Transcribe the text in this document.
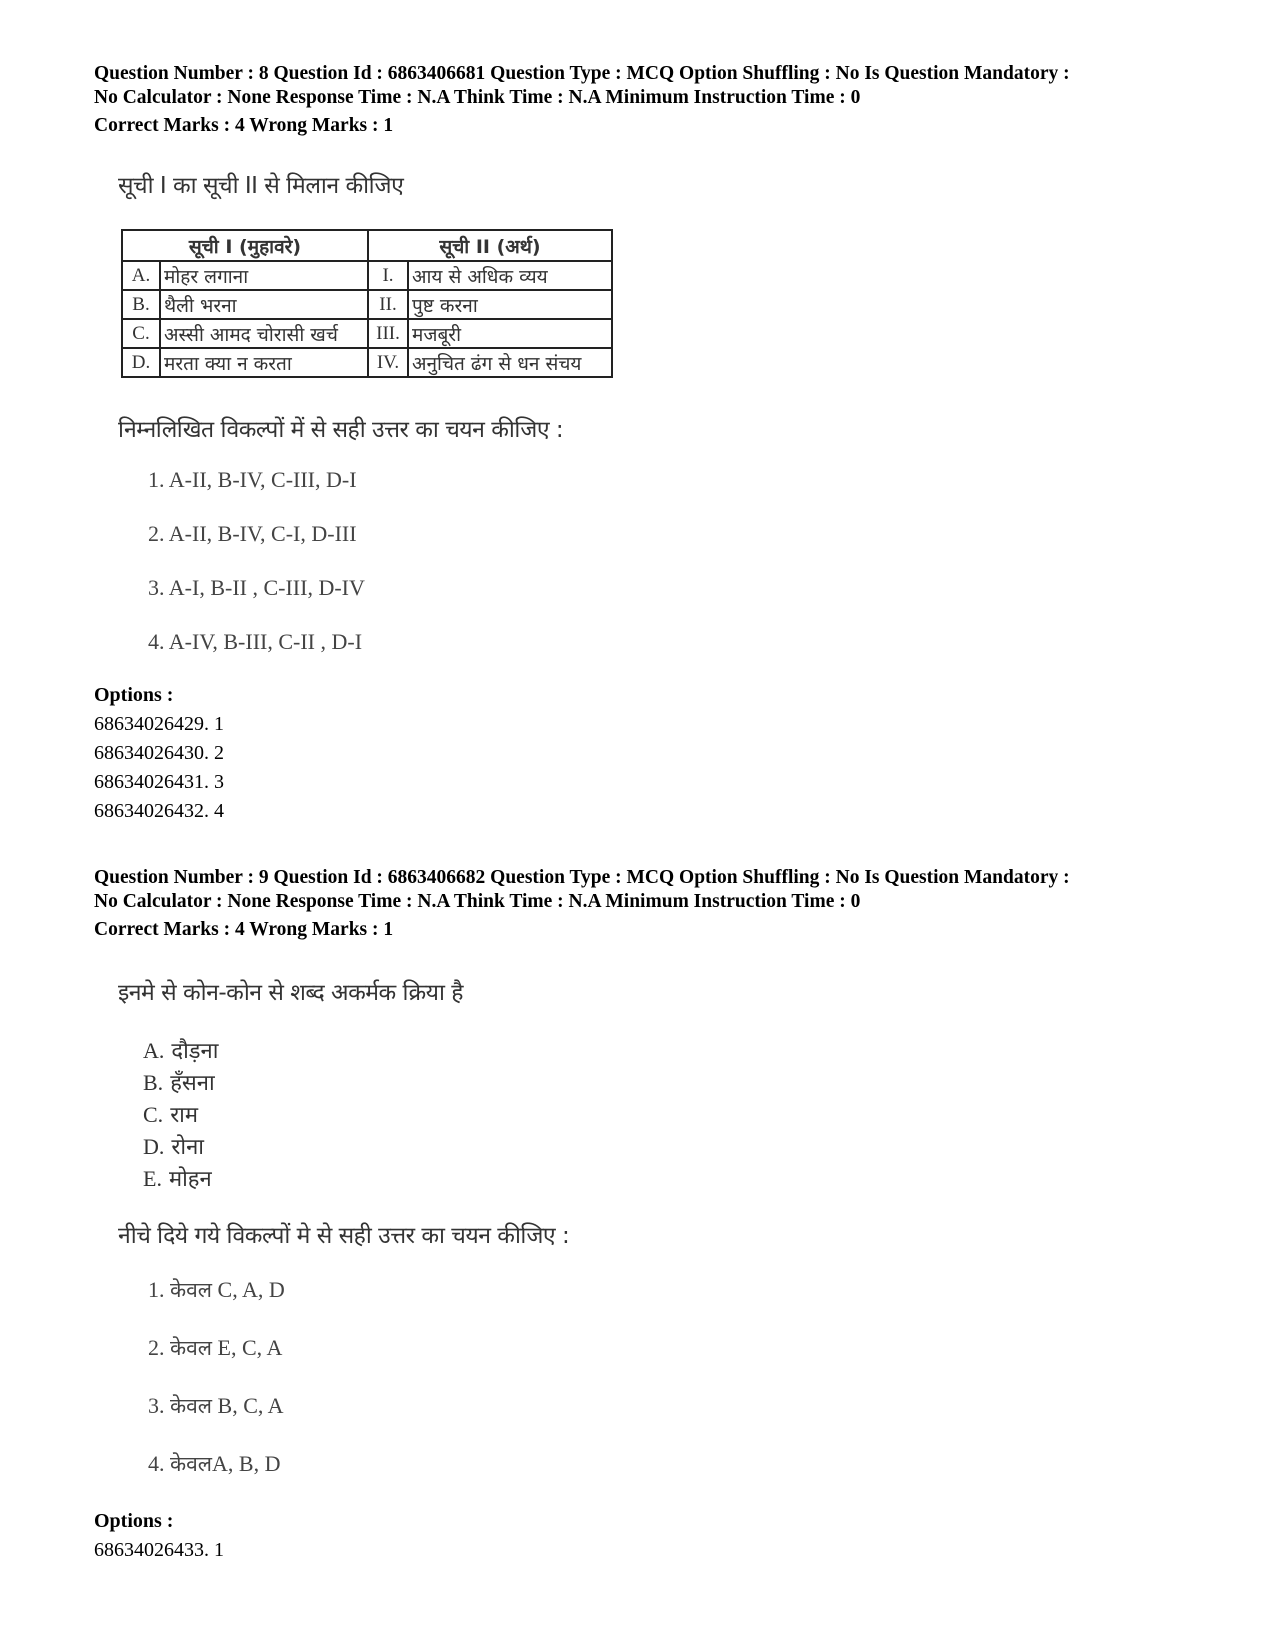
Question Number : 8 Question Id : 6863406681 Question Type : MCQ Option Shuffling : No Is Question Mandatory :

No Calculator : None Response Time : N.A Think Time : N.A Minimum Instruction Time : 0

Correct Marks : 4 Wrong Marks : 1
सूची I का सूची II से मिलान कीजिए
सूची I (मुहावरे)		सूची II (अर्थ)	
A.	मोहर लगाना	I.	आय से अधिक व्यय
B.	थैली भरना	II.	पुष्ट करना
C.	अस्सी आमद चोरासी खर्च	III.	मजबूरी
D.	मरता क्या न करता	IV.	अनुचित ढंग से धन संचय
निम्नलिखित विकल्पों में से सही उत्तर का चयन कीजिए :
1. A-II, B-IV, C-III, D-I
2. A-II, B-IV, C-I, D-III
3. A-I, B-II , C-III, D-IV
4. A-IV, B-III, C-II , D-I
Options :
68634026429. 1
68634026430. 2
68634026431. 3
68634026432. 4

Question Number : 9 Question Id : 6863406682 Question Type : MCQ Option Shuffling : No Is Question Mandatory :

No Calculator : None Response Time : N.A Think Time : N.A Minimum Instruction Time : 0

Correct Marks : 4 Wrong Marks : 1
इनमे से कोन-कोन से शब्द अकर्मक क्रिया है
A. दौड़ना
B. हँसना
C. राम
D. रोना
E. मोहन
नीचे दिये गये विकल्पों मे से सही उत्तर का चयन कीजिए :
1. केवल C, A, D
2. केवल E, C, A
3. केवल B, C, A
4. केवलA, B, D
Options :
68634026433. 1
